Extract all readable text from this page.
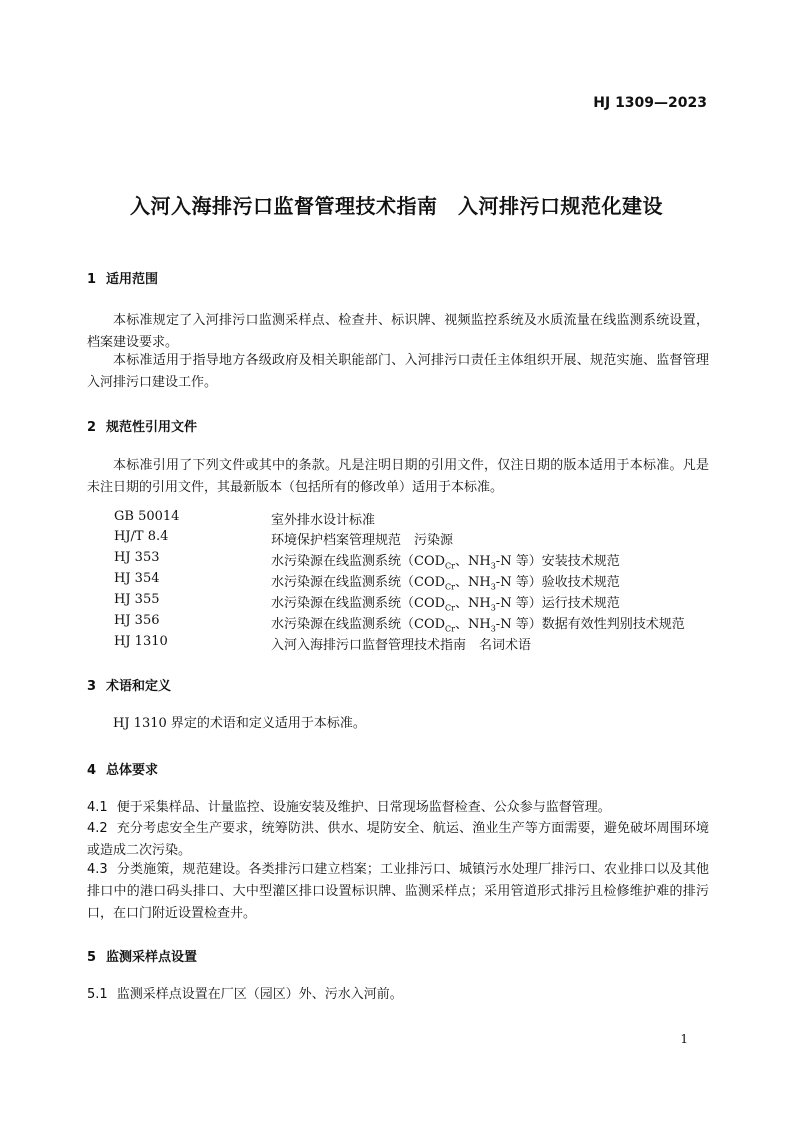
HJ 1309—2023
入河入海排污口监督管理技术指南　入河排污口规范化建设
1 适用范围
本标准规定了入河排污口监测采样点、检查井、标识牌、视频监控系统及水质流量在线监测系统设置，档案建设要求。
本标准适用于指导地方各级政府及相关职能部门、入河排污口责任主体组织开展、规范实施、监督管理入河排污口建设工作。
2 规范性引用文件
本标准引用了下列文件或其中的条款。凡是注明日期的引用文件，仅注日期的版本适用于本标准。凡是未注日期的引用文件，其最新版本（包括所有的修改单）适用于本标准。
GB 50014	室外排水设计标准
HJ/T 8.4	环境保护档案管理规范　污染源
HJ 353	水污染源在线监测系统（$COD_{Cr}$、$NH_3-N$ 等）安装技术规范
HJ 354	水污染源在线监测系统（$COD_{Cr}$、$NH_3-N$ 等）验收技术规范
HJ 355	水污染源在线监测系统（$COD_{Cr}$、$NH_3-N$ 等）运行技术规范
HJ 356	水污染源在线监测系统（$COD_{Cr}$、$NH_3-N$ 等）数据有效性判别技术规范
HJ 1310	入河入海排污口监督管理技术指南　名词术语
3 术语和定义
HJ 1310 界定的术语和定义适用于本标准。
4 总体要求
4.1 便于采集样品、计量监控、设施安装及维护、日常现场监督检查、公众参与监督管理。
4.2 充分考虑安全生产要求，统筹防洪、供水、堤防安全、航运、渔业生产等方面需要，避免破坏周围环境或造成二次污染。
4.3 分类施策，规范建设。各类排污口建立档案；工业排污口、城镇污水处理厂排污口、农业排口以及其他排口中的港口码头排口、大中型灌区排口设置标识牌、监测采样点；采用管道形式排污且检修维护难的排污口，在口门附近设置检查井。
5 监测采样点设置
5.1 监测采样点设置在厂区（园区）外、污水入河前。
1
